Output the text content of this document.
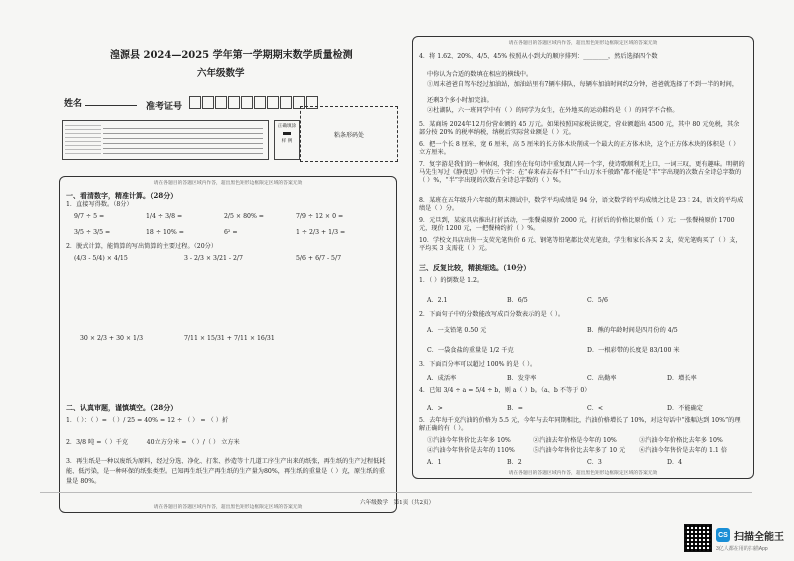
湟源县 2024—2025 学年第一学期期末数学质量检测
六年级数学
姓名	准考证号
正确填涂
样 例
粘条形码处
请在各题目的答题区域内作答，超出黑色矩形边框限定区域的答案无效
一、看清数字，精准计算。（28分）
1．直接写得数。（8分）
9/7 ÷ 5 =	1/4 ÷ 3/8 =	2/5 × 80% =	7/9 ÷ 12 × 0 =
3/5 ÷ 3/5 =	18 ÷ 10% =	6² =	1 ÷ 2/3 + 1/3 =
2．脱式计算，能简算的写出简算的主要过程。（20分）
(4/3 - 5/4) × 4/15	3 - 2/3 × 3/21 - 2/7	5/6 + 6/7 - 5/7
30 × 2/3 + 30 × 1/3	7/11 × 15/31 + 7/11 × 16/31
二、认真审题，谨慎填空。（28分）
1．（ ）：（ ）= （ ）/ 25 = 40% = 12 ÷ （ ） = （ ）折
2．3/8 吨 =（ ）千克　　　40立方分米 = （ ）/（ ） 立方米
3．再生纸是一种以废纸为原料，经过分选、净化、打浆、抄造等十几道工序生产出来的纸张，再生纸的生产过程低耗能、低污染，是一种环保的纸张类型。已知再生纸生产再生纸的生产量为80%，再生纸的重量是（ ）克，原生纸的重量是 80%。
请在各题目的答题区域内作答，超出黑色矩形边框限定区域的答案无效
请在各题目的答题区域内作答，超出黑色矩形边框限定区域的答案无效
4．将 1.62、20%、4/5、45% 按照从小到大的顺序排列：________，然后选择四个数
中你认为合适的数填在相应的横线中。
①周末爸爸自驾车经过加油站，加油站里有7辆车排队，每辆车加油时间约2分钟，爸爸就选择了不到一半的时间，
还剩3个多小时加完油。
②杜湖队，六一班同学中有（ ）的同学为女生，在外地买的运动鞋约是（ ）的同学不合格。
5．某商场 2024年12月份营业额的 45 万元。如果按照国家税法规定，营业额超出 4500 元，其中 80 元免税，其余部分按 20% 的税率纳税，纳税后实际营业额是（ ）元。
6．把一个长 8 厘米，宽 6 厘米，高 5 厘米的长方体木块削成一个最大的正方体木块，这个正方体木块的体积是（ ）立方厘米。
7．复字游是我们的一种休闲，我们坐在每句诗中重复跟人同一个字，使诗歌顺利无上口，一词三叹，更有趣味。明朝的马先生写过《静夜思》中的三个字：在“春来春去春不归”“千山万水千般路”都不能是“半”字出现的次数占全诗总字数的（ ）%，“半”字出现的次数占全诗总字数的（ ）%。
8．某班在五年级升六年级的期末测试中，数学平均成绩是 94 分，语文数学的平均成绩之比是 23∶24，语文的平均成绩是（ ）分。
9．元旦到，某家具店推出打折活动，一张餐桌原价 2000 元，打折后的价格比原价低（ ）元；一张餐椅原价 1700 元，现价 1200 元，一把餐椅约折（ ）%。
10．学校文具店出售一支荧光笔售价 6 元、钢笔等铅笔都比荧光笔贵，学生和家长各买 2 支，荧光笔购买了（ ）支，平均买 3 支需花（ ）元。
三、反复比较，精挑细选。（10分）
1．（ ）的倒数是 1.2。
A．2.1	B．6/5	C．5/6
2．下面句子中的分数能改写成百分数表示的是（ ）。
A．一支铅笔 0.50 元	B．熊的年龄时间是四月份的 4/5
C．一袋食盐的重量是 1/2 千克	D．一根彩带的长度是 83/100 米
3．下面百分率可以超过 100% 的是（ ）。
A．成活率	B．发芽率	C．出勤率	D．增长率
4．已知 3/4 ÷ a = 5/4 ÷ b，则 a（ ）b。（a、b 不等于 0）
A．>	B．=	C．<	D．不能确定
5．去年每千克汽油的价格为 5.5 元，今年与去年同期相比，汽油价格增长了 10%，对这句话中“涨幅达到 10%”的理解正确的有（ ）。
①汽油今年售价比去年多 10%	②汽油去年价格是今年的 10%	③汽油今年价格比去年多 10%
④汽油今年售价是去年的 110%	⑤汽油今年售价比去年多了 10 元 ⑥汽油今年售价是去年的 1.1 倍
A．1	B．2	C．3	D．4
请在各题目的答题区域内作答，超出黑色矩形边框限定区域的答案无效
六年级数学　第1页（共2页）
CS 扫描全能王
3亿人都在用的扫描App
